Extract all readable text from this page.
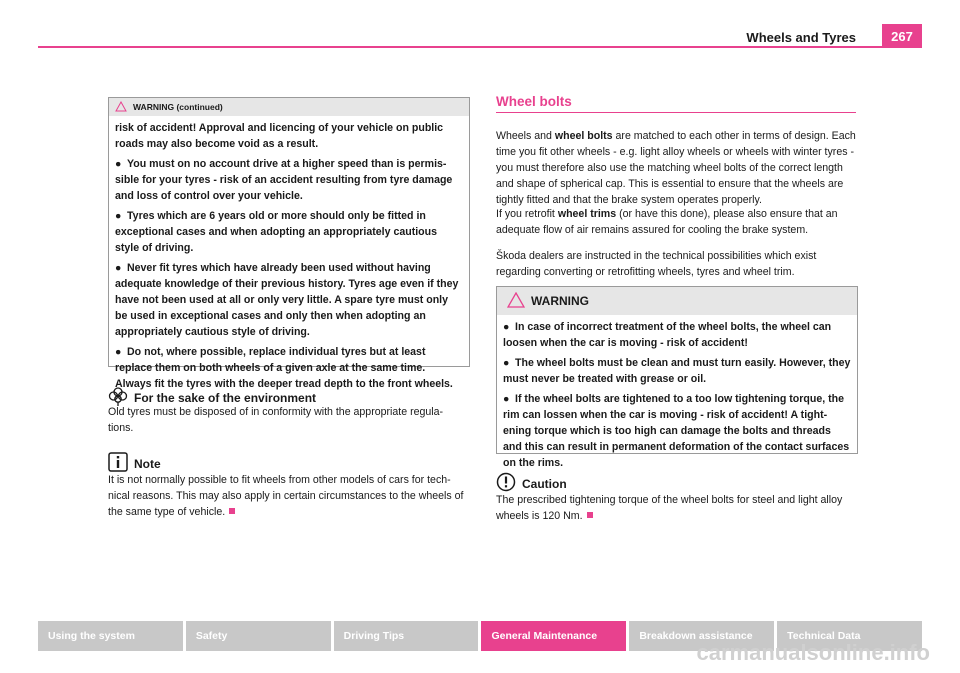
Wheels and Tyres	267
WARNING (continued)

risk of accident! Approval and licencing of your vehicle on public roads may also become void as a result.

● You must on no account drive at a higher speed than is permis-sible for your tyres - risk of an accident resulting from tyre damage and loss of control over your vehicle.

● Tyres which are 6 years old or more should only be fitted in exceptional cases and when adopting an appropriately cautious style of driving.

● Never fit tyres which have already been used without having adequate knowledge of their previous history. Tyres age even if they have not been used at all or only very little. A spare tyre must only be used in exceptional cases and only then when adopting an appropriately cautious style of driving.

● Do not, where possible, replace individual tyres but at least replace them on both wheels of a given axle at the same time. Always fit the tyres with the deeper tread depth to the front wheels.

For the sake of the environment

Old tyres must be disposed of in conformity with the appropriate regula-tions.

Note

It is not normally possible to fit wheels from other models of cars for tech-nical reasons. This may also apply in certain circumstances to the wheels of the same type of vehicle.

Wheel bolts

Wheels and wheel bolts are matched to each other in terms of design. Each time you fit other wheels - e.g. light alloy wheels or wheels with winter tyres - you must therefore also use the matching wheel bolts of the correct length and shape of spherical cap. This is essential to ensure that the wheels are tightly fitted and that the brake system operates properly.

If you retrofit wheel trims (or have this done), please also ensure that an adequate flow of air remains assured for cooling the brake system.

Škoda dealers are instructed in the technical possibilities which exist regarding converting or retrofitting wheels, tyres and wheel trim.

WARNING

● In case of incorrect treatment of the wheel bolts, the wheel can loosen when the car is moving - risk of accident!

● The wheel bolts must be clean and must turn easily. However, they must never be treated with grease or oil.

● If the wheel bolts are tightened to a too low tightening torque, the rim can lossen when the car is moving - risk of accident! A tight-ening torque which is too high can damage the bolts and threads and this can result in permanent deformation of the contact surfaces on the rims.

Caution

The prescribed tightening torque of the wheel bolts for steel and light alloy wheels is 120 Nm.

Using the system	Safety	Driving Tips	General Maintenance	Breakdown assistance	Technical Data
carmanualsonline.info
